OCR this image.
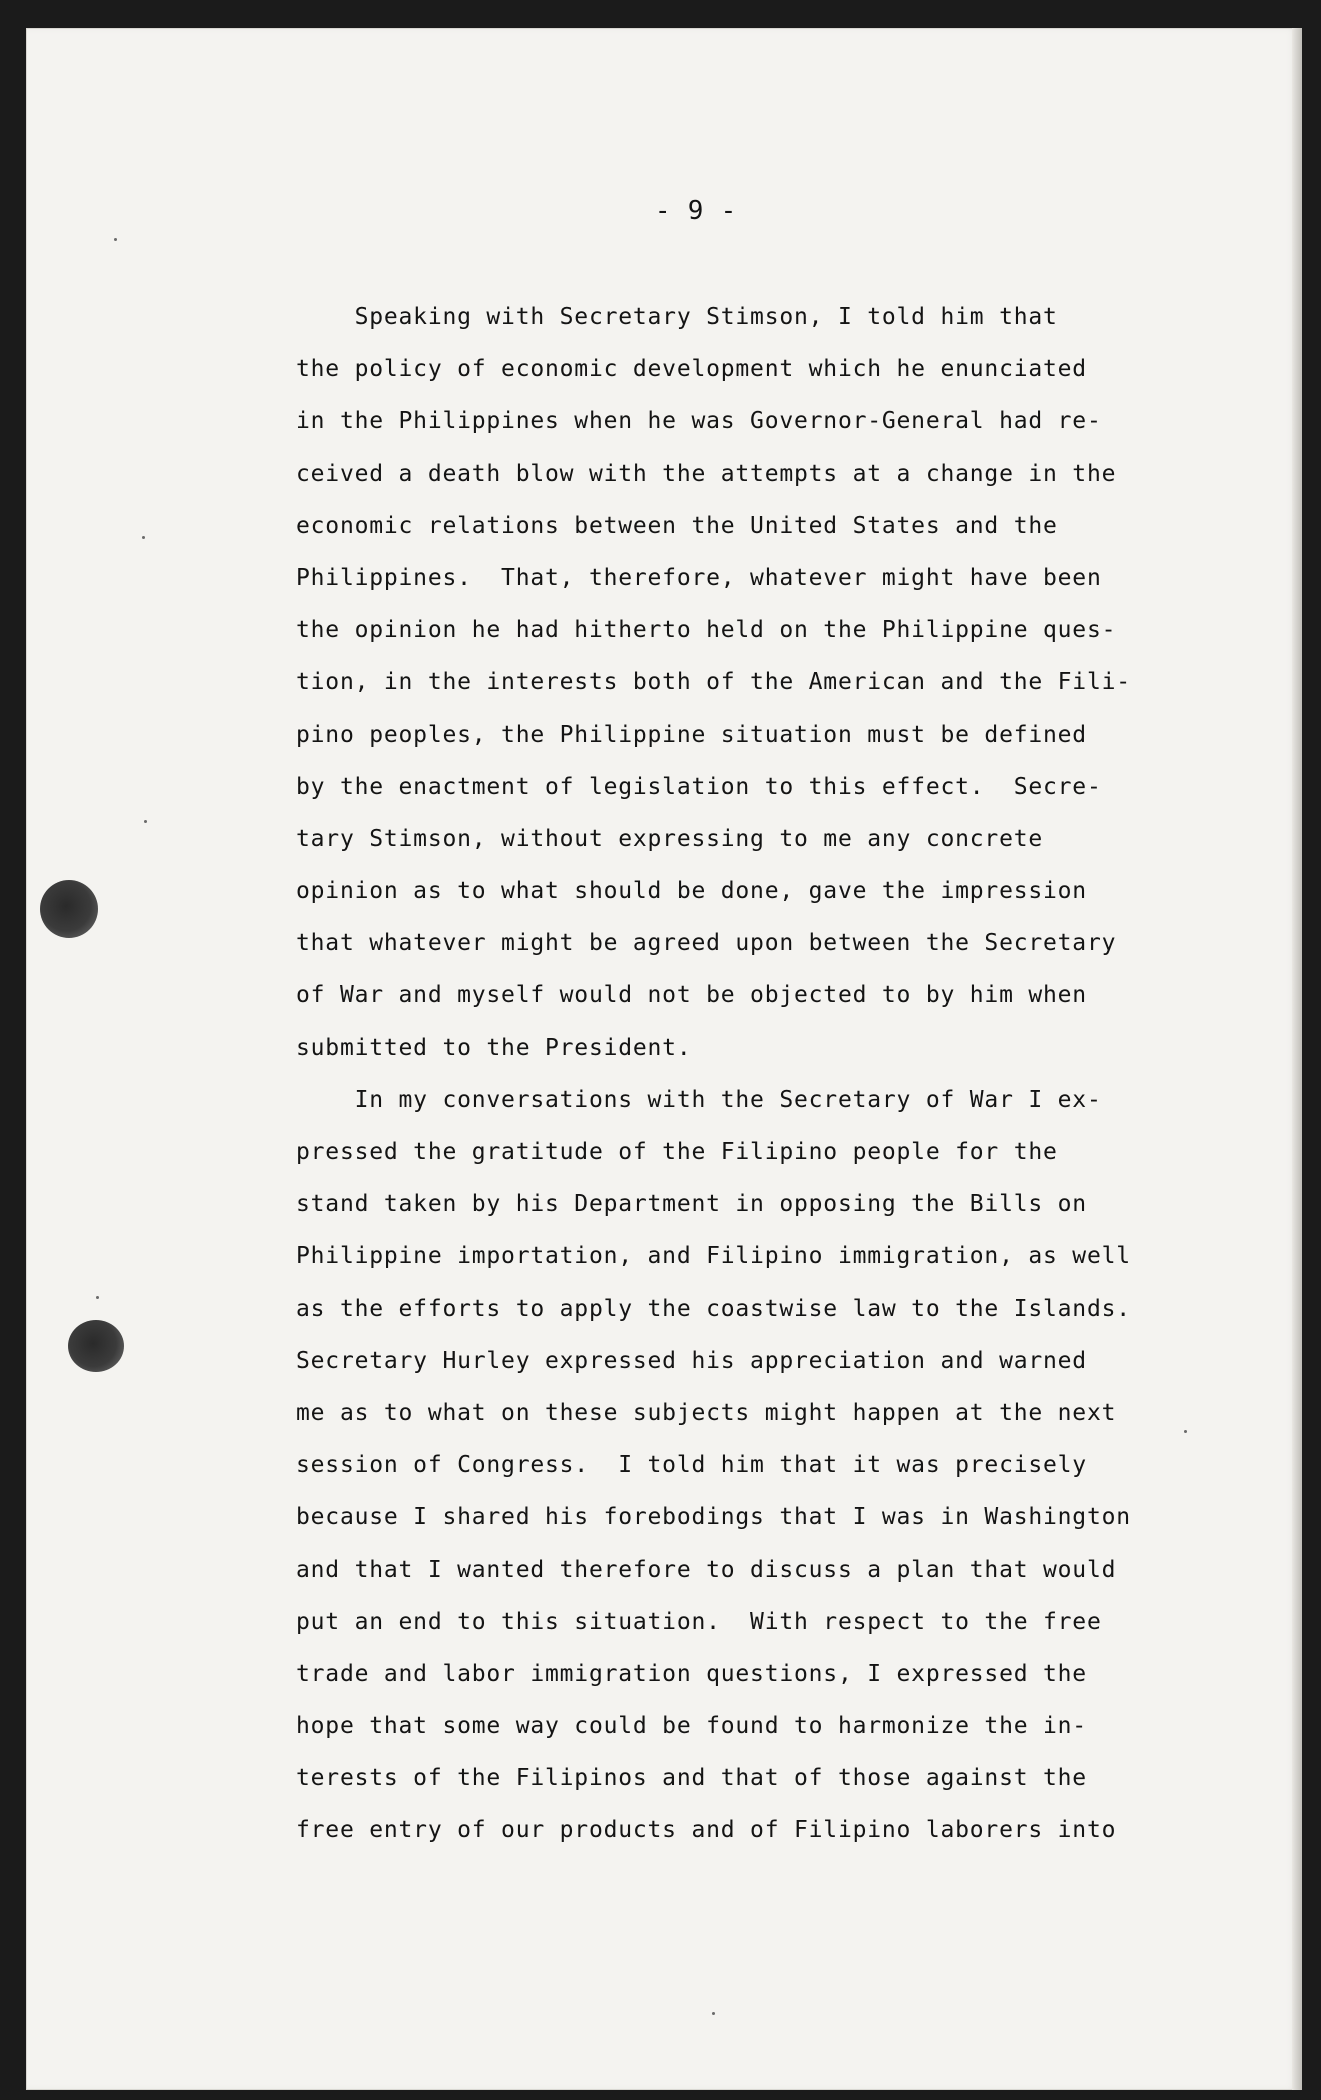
- 9 -
Speaking with Secretary Stimson, I told him that
the policy of economic development which he enunciated
in the Philippines when he was Governor-General had re-
ceived a death blow with the attempts at a change in the
economic relations between the United States and the
Philippines.  That, therefore, whatever might have been
the opinion he had hitherto held on the Philippine ques-
tion, in the interests both of the American and the Fili-
pino peoples, the Philippine situation must be defined
by the enactment of legislation to this effect.  Secre-
tary Stimson, without expressing to me any concrete
opinion as to what should be done, gave the impression
that whatever might be agreed upon between the Secretary
of War and myself would not be objected to by him when
submitted to the President.
In my conversations with the Secretary of War I ex-
pressed the gratitude of the Filipino people for the
stand taken by his Department in opposing the Bills on
Philippine importation, and Filipino immigration, as well
as the efforts to apply the coastwise law to the Islands.
Secretary Hurley expressed his appreciation and warned
me as to what on these subjects might happen at the next
session of Congress.  I told him that it was precisely
because I shared his forebodings that I was in Washington
and that I wanted therefore to discuss a plan that would
put an end to this situation.  With respect to the free
trade and labor immigration questions, I expressed the
hope that some way could be found to harmonize the in-
terests of the Filipinos and that of those against the
free entry of our products and of Filipino laborers into
